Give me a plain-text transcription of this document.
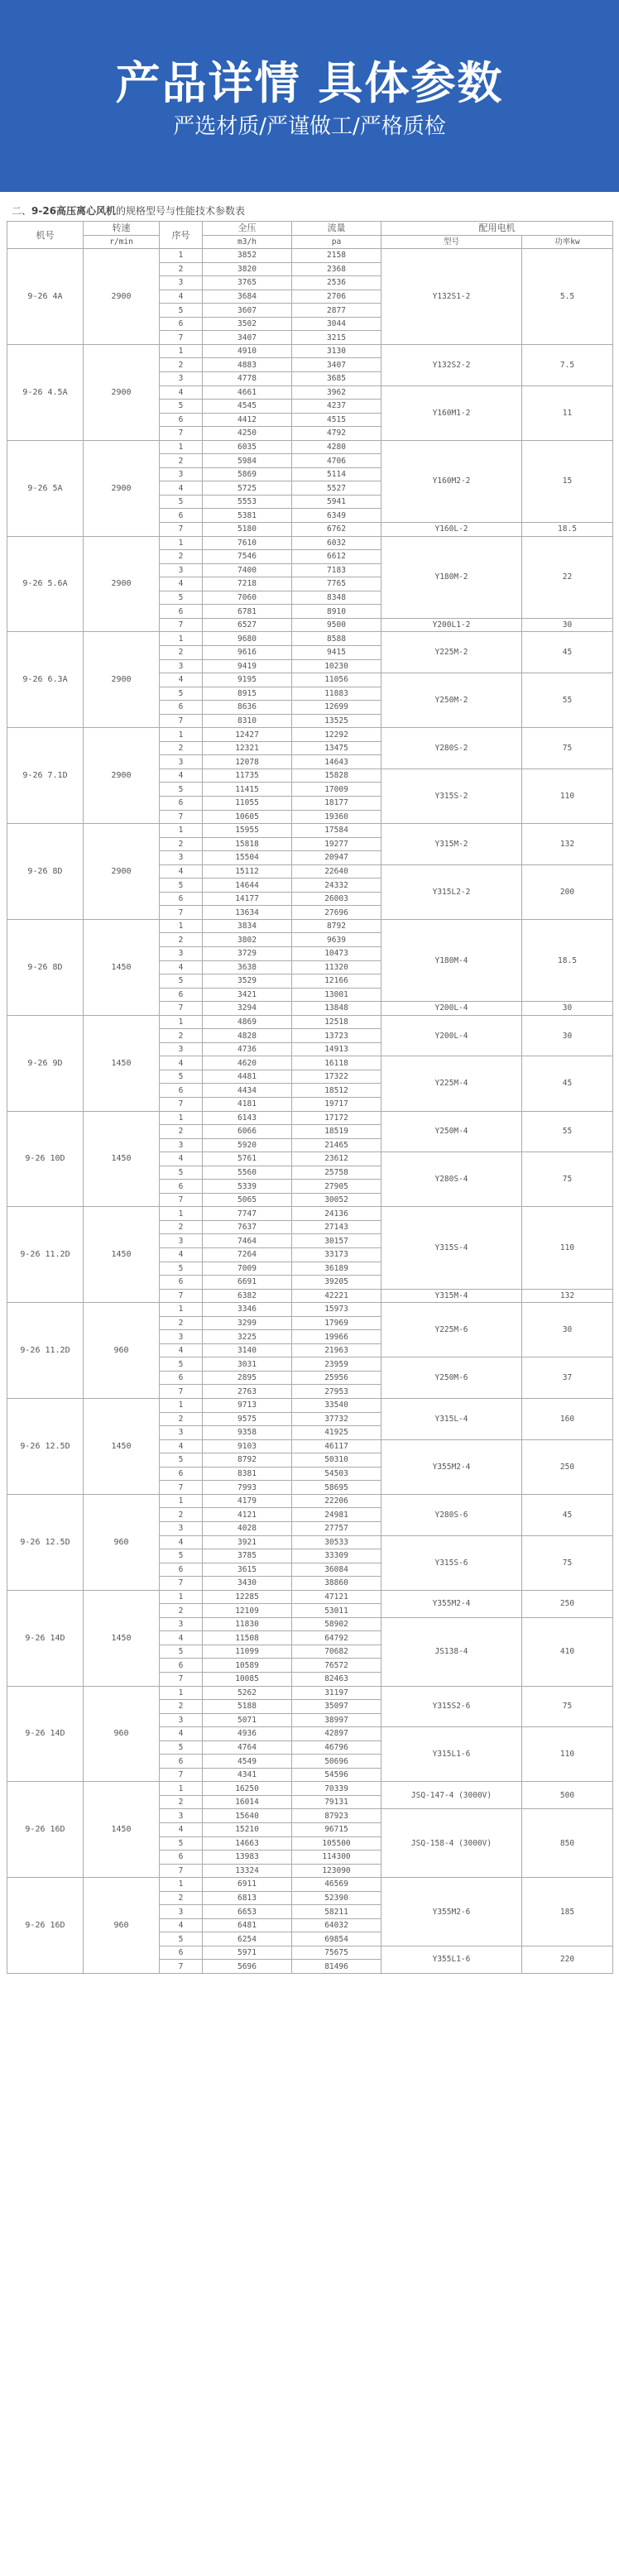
产品详情 具体参数
严选材质/严谨做工/严格质检
二、9-26高压离心风机的规格型号与性能技术参数表
机号	转速	序号	全压	流量	配用电机	
	r/min		m3/h	pa	型号	功率kw
9-26 4A	2900	1	3852	2158	Y132S1-2	5.5
		2	3820	2368		
		3	3765	2536		
		4	3684	2706		
		5	3607	2877		
		6	3502	3044		
		7	3407	3215		
9-26 4.5A	2900	1	4910	3130	Y132S2-2	7.5
		2	4883	3407		
		3	4778	3685		
		4	4661	3962	Y160M1-2	11
		5	4545	4237		
		6	4412	4515		
		7	4250	4792		
9-26 5A	2900	1	6035	4280	Y160M2-2	15
		2	5984	4706		
		3	5869	5114		
		4	5725	5527		
		5	5553	5941		
		6	5381	6349		
		7	5180	6762	Y160L-2	18.5
9-26 5.6A	2900	1	7610	6032	Y180M-2	22
		2	7546	6612		
		3	7400	7183		
		4	7218	7765		
		5	7060	8348		
		6	6781	8910		
		7	6527	9500	Y200L1-2	30
9-26 6.3A	2900	1	9680	8588	Y225M-2	45
		2	9616	9415		
		3	9419	10230		
		4	9195	11056	Y250M-2	55
		5	8915	11883		
		6	8636	12699		
		7	8310	13525		
9-26 7.1D	2900	1	12427	12292	Y280S-2	75
		2	12321	13475		
		3	12078	14643		
		4	11735	15828	Y315S-2	110
		5	11415	17009		
		6	11055	18177		
		7	10605	19360		
9-26 8D	2900	1	15955	17584	Y315M-2	132
		2	15818	19277		
		3	15504	20947		
		4	15112	22640	Y315L2-2	200
		5	14644	24332		
		6	14177	26003		
		7	13634	27696		
9-26 8D	1450	1	3834	8792	Y180M-4	18.5
		2	3802	9639		
		3	3729	10473		
		4	3638	11320		
		5	3529	12166		
		6	3421	13001		
		7	3294	13848	Y200L-4	30
9-26 9D	1450	1	4869	12518	Y200L-4	30
		2	4828	13723		
		3	4736	14913		
		4	4620	16118	Y225M-4	45
		5	4481	17322		
		6	4434	18512		
		7	4181	19717		
9-26 10D	1450	1	6143	17172	Y250M-4	55
		2	6066	18519		
		3	5920	21465		
		4	5761	23612	Y280S-4	75
		5	5560	25758		
		6	5339	27905		
		7	5065	30052		
9-26 11.2D	1450	1	7747	24136	Y315S-4	110
		2	7637	27143		
		3	7464	30157		
		4	7264	33173		
		5	7009	36189		
		6	6691	39205		
		7	6382	42221	Y315M-4	132
9-26 11.2D	960	1	3346	15973	Y225M-6	30
		2	3299	17969		
		3	3225	19966		
		4	3140	21963		
		5	3031	23959	Y250M-6	37
		6	2895	25956		
		7	2763	27953		
9-26 12.5D	1450	1	9713	33540	Y315L-4	160
		2	9575	37732		
		3	9358	41925		
		4	9103	46117	Y355M2-4	250
		5	8792	50310		
		6	8381	54503		
		7	7993	58695		
9-26 12.5D	960	1	4179	22206	Y280S-6	45
		2	4121	24981		
		3	4028	27757		
		4	3921	30533	Y315S-6	75
		5	3785	33309		
		6	3615	36084		
		7	3430	38860		
9-26 14D	1450	1	12285	47121	Y355M2-4	250
		2	12109	53011		
		3	11830	58902	JS138-4	410
		4	11508	64792		
		5	11099	70682		
		6	10589	76572		
		7	10085	82463		
9-26 14D	960	1	5262	31197	Y315S2-6	75
		2	5188	35097		
		3	5071	38997		
		4	4936	42897	Y315L1-6	110
		5	4764	46796		
		6	4549	50696		
		7	4341	54596		
9-26 16D	1450	1	16250	70339	JSQ-147-4 (3000V)	500
		2	16014	79131		
		3	15640	87923	JSQ-158-4 (3000V)	850
		4	15210	96715		
		5	14663	105500		
		6	13983	114300		
		7	13324	123090		
9-26 16D	960	1	6911	46569	Y355M2-6	185
		2	6813	52390		
		3	6653	58211		
		4	6481	64032		
		5	6254	69854		
		6	5971	75675	Y355L1-6	220
		7	5696	81496		
